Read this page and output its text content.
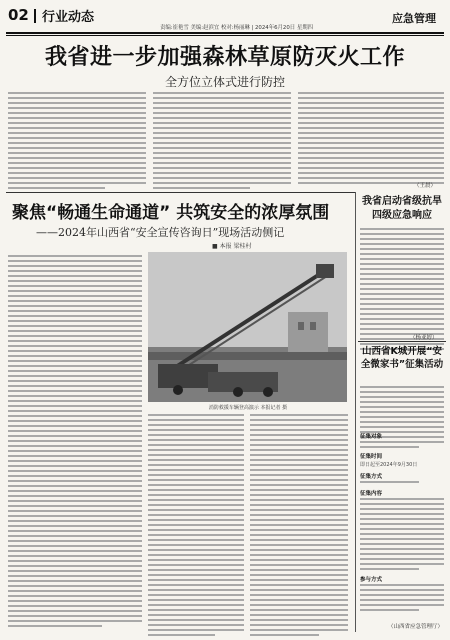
02 行业动态	应急管理
责编:崔艳雪 美编:赵滨宜 校对:杨丽琳 | 2024年6月20日 星期四
我省进一步加强森林草原防灭火工作
全方位立体式进行防控
（王晨）
聚焦“畅通生命通道” 共筑安全的浓厚氛围
——2024年山西省“安全宣传咨询日”现场活动侧记
■ 本报 梁桂村
消防救援车辆登高演示 本报记者 摄
我省启动省级抗旱四级应急响应
（杨亚婷）
山西省K城开展“安全微家书”征集活动
征集对象
征集时间
即日起至2024年9月30日
征集方式
征集内容
参与方式
（山西省应急管理厅）
